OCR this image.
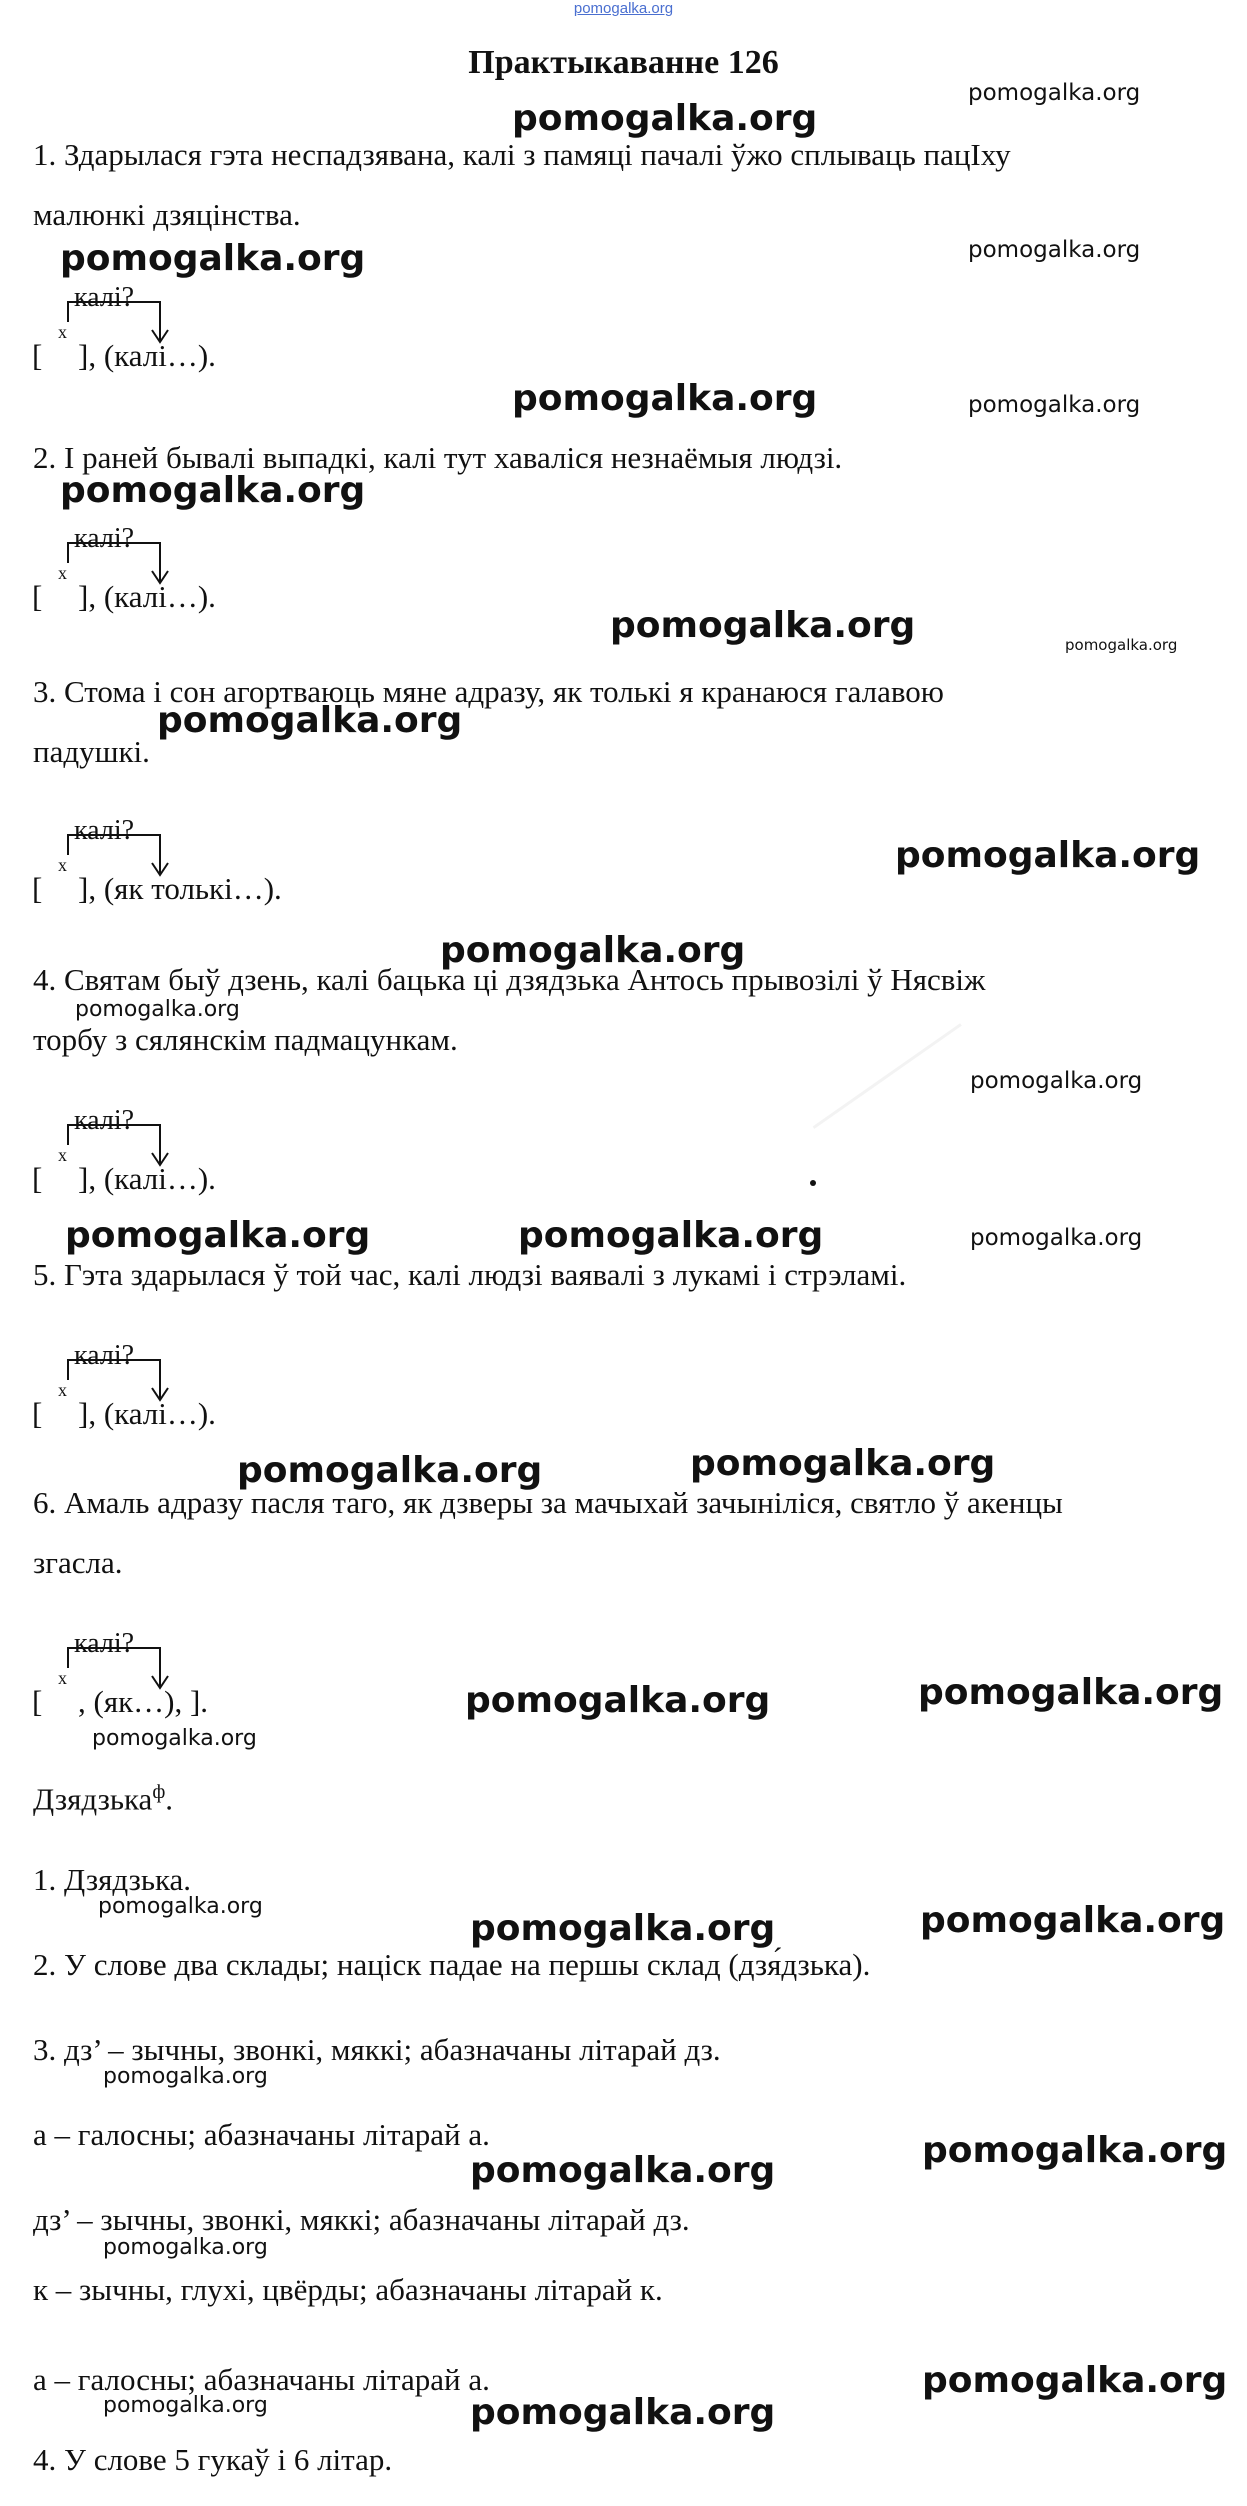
pomogalka.org
Практыкаванне 126
1. Здарылася гэта неспадзявана, калі з памяці пачалі ўжо сплываць пацІху
малюнкі дзяцінства.
калі?
x
[ ], (калі…).
2. І раней бывалі выпадкі, калі тут хаваліся незнаёмыя людзі.
калі?
x
[ ], (калі…).
3. Стома і сон агортваюць мяне адразу, як толькі я кранаюся галавою
падушкі.
калі?
x
[ ], (як толькі…).
4. Святам быў дзень, калі бацька ці дзядзька Антось прывозілі ў Нясвіж
торбу з сялянскім падмацункам.
калі?
x
[ ], (калі…).
5. Гэта здарылася ў той час, калі людзі ваявалі з лукамі і стрэламі.
калі?
x
[ ], (калі…).
6. Амаль адразу пасля таго, як дзверы за мачыхай зачыніліся, святло ў акенцы
згасла.
калі?
x
[ , (як…), ].
Дзядзька$^ф$.
1. Дзядзька.
2. У слове два склады; націск падае на першы склад (дзя́дзька).
3. дз’ – зычны, звонкі, мяккі; абазначаны літарай дз.
а – галосны; абазначаны літарай а.
дз’ – зычны, звонкі, мяккі; абазначаны літарай дз.
к – зычны, глухі, цвёрды; абазначаны літарай к.
а – галосны; абазначаны літарай а.
4. У слове 5 гукаў і 6 літар.
pomogalka.org
pomogalka.org
pomogalka.org	pomogalka.org
pomogalka.org	pomogalka.org
pomogalka.org
pomogalka.org	pomogalka.org
pomogalka.org
pomogalka.org
pomogalka.org
pomogalka.org
pomogalka.org
pomogalka.org	pomogalka.org	pomogalka.org
pomogalka.org	pomogalka.org
pomogalka.org	pomogalka.org
pomogalka.org
pomogalka.org
pomogalka.org	pomogalka.org
pomogalka.org
pomogalka.org
pomogalka.org
pomogalka.org
pomogalka.org
pomogalka.org	pomogalka.org
